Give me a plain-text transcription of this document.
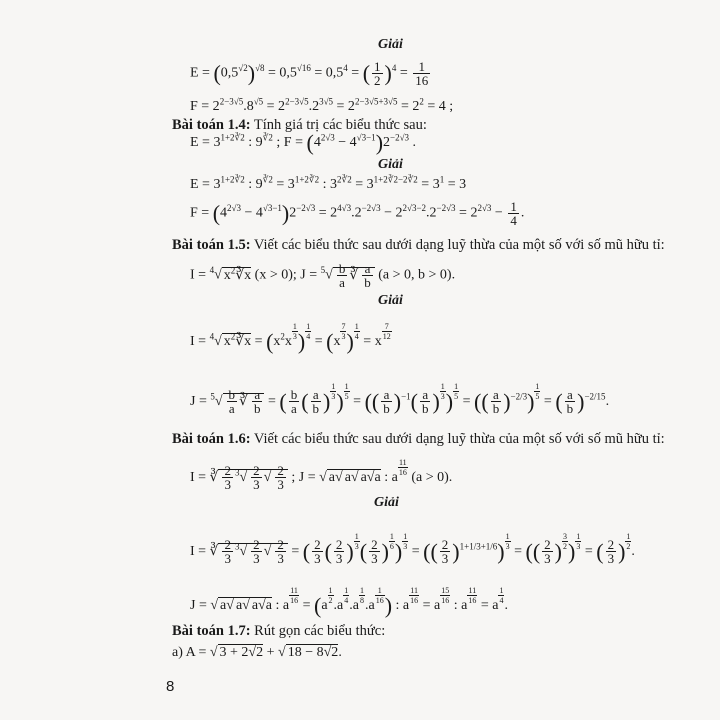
Giải
$E = (0,5^{√2})^{√8} = 0,5^{√16} = 0,5^4$ = ( $\frac{1}{2} )^4 = \frac{1}{16}$
$F = 2^{2-3√5}.8^{√5} = 2^{2-3√5}.2^{3√5} = 2^{2-3√5+3√5} = 2^2 = 4$ ;
Bài toán 1.4: Tính giá trị các biểu thức sau:
$E = 3^{1+2∛2}$ : $9^{∛2}$ ; $F = (4^{2√3} - 4^{√3-1})2^{-2√3}$ .
Giải
$E = 3^{1+2∛2}$ : $9^{∛2} = 3^{1+2∛2}$ : $3^{2∛2} = 3^{1+2∛2-2∛2} = 3^1 = 3$
$F = (4^{2√3} - 4^{√3-1})2^{-2√3} = 2^{4√3}.2^{-2√3} - 2^{2√3-2}.2^{-2√3} = 2^{2√3} - \frac{1}{4}$ .
Bài toán 1.5: Viết các biểu thức sau dưới dạng luỹ thừa của một số với số mũ hữu tỉ:
I = $^4$√ $x^2∛x$ (x > 0); $J = ^5√ \frac{b}{a}$ ∛ $\frac{a}{b} (a > 0$, b > 0).
Giải
I = $^4$√ $x^2∛x = (x^2x$
$\frac{1}{3}$ ) $\frac{1}{4}$
= (x
$\frac{7}{3}$ ) $\frac{1}{4}$
= x
$\frac{7}{12}$
$J = ^5√ \frac{b}{a}$ ∛ $\frac{a}{b}$ = ( $\frac{b}{a}$ ( $\frac{a}{b}$ ) $\frac{1}{3}$ ) $\frac{1}{5}$
= (( $\frac{a}{b} )^{-1}( \frac{a}{b}$ ) $\frac{1}{3}$ ) $\frac{1}{5}$
= (( $\frac{a}{b} )^{-2/3}) \frac{1}{5}$
= ( $\frac{a}{b} )^{-2/15}$.
Bài toán 1.6: Viết các biểu thức sau dưới dạng luỹ thừa của một số với số mũ hữu tỉ:
I = ∛ $\frac{2}{3} ^3√ \frac{2}{3}$ √ $\frac{2}{3}$ ; J = √ a√ a√ a√a : a
$\frac{11}{16}$
(a > 0).
Giải
I = ∛ $\frac{2}{3} ^3√ \frac{2}{3}$ √ $\frac{2}{3}$ = ( $\frac{2}{3}$ ( $\frac{2}{3}$ ) $\frac{1}{3}$ ( $\frac{2}{3}$ ) $\frac{1}{6}$ ) $\frac{1}{3}$
= (( $\frac{2}{3} )^{1+1/3+1/6}) \frac{1}{3}$
= (( $\frac{2}{3}$ ) $\frac{3}{2}$ ) $\frac{1}{3}$
= ( $\frac{2}{3}$ ) $\frac{1}{2}$
.
J = √ a√ a√ a√a : a
$\frac{11}{16}$
= (a
$\frac{1}{2}$
.a
$\frac{1}{4}$
.a
$\frac{1}{8}$
.a
$\frac{1}{16}$ ) : a
$\frac{11}{16}$
= a
$\frac{15}{16}$
: a
$\frac{11}{16}$
= a
$\frac{1}{4}$
.
Bài toán 1.7: Rút gọn các biểu thức:
a) A = √ 3 + 2√2 + √ 18 − 8√2.
8
